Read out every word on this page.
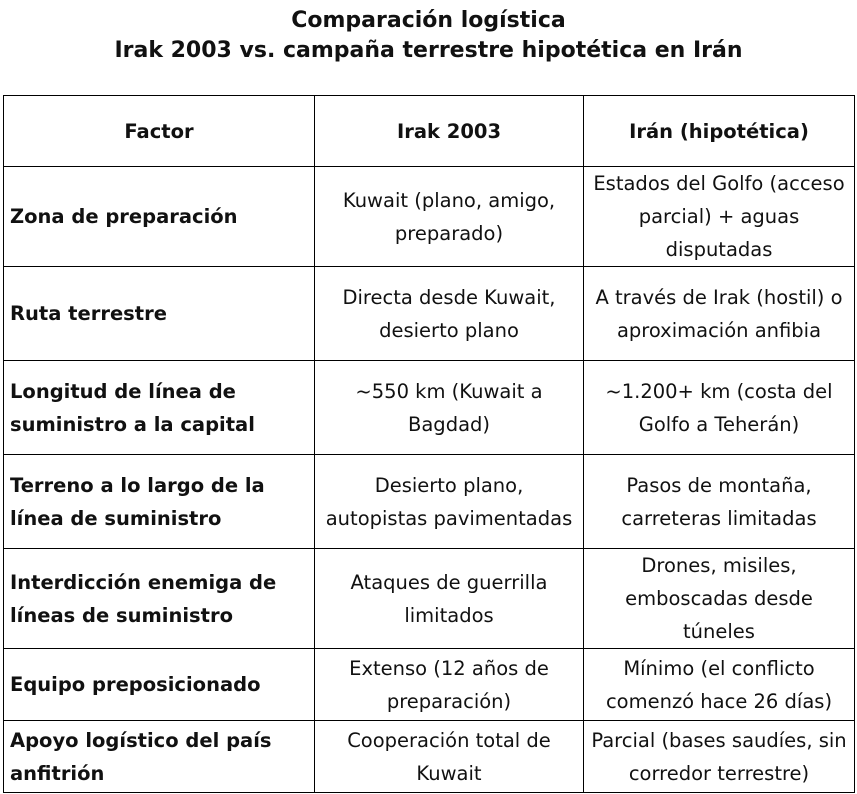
Comparación logística
Irak 2003 vs. campaña terrestre hipotética en Irán
Factor	Irak 2003	Irán (hipotética)
Zona de preparación	Kuwait (plano, amigo, preparado)	Estados del Golfo (acceso parcial) + aguas disputadas
Ruta terrestre	Directa desde Kuwait, desierto plano	A través de Irak (hostil) o aproximación anfibia
Longitud de línea de suministro a la capital	~550 km (Kuwait a Bagdad)	~1.200+ km (costa del Golfo a Teherán)
Terreno a lo largo de la línea de suministro	Desierto plano, autopistas pavimentadas	Pasos de montaña, carreteras limitadas
Interdicción enemiga de líneas de suministro	Ataques de guerrilla limitados	Drones, misiles, emboscadas desde túneles
Equipo preposicionado	Extenso (12 años de preparación)	Mínimo (el conflicto comenzó hace 26 días)
Apoyo logístico del país anfitrión	Cooperación total de Kuwait	Parcial (bases saudíes, sin corredor terrestre)
